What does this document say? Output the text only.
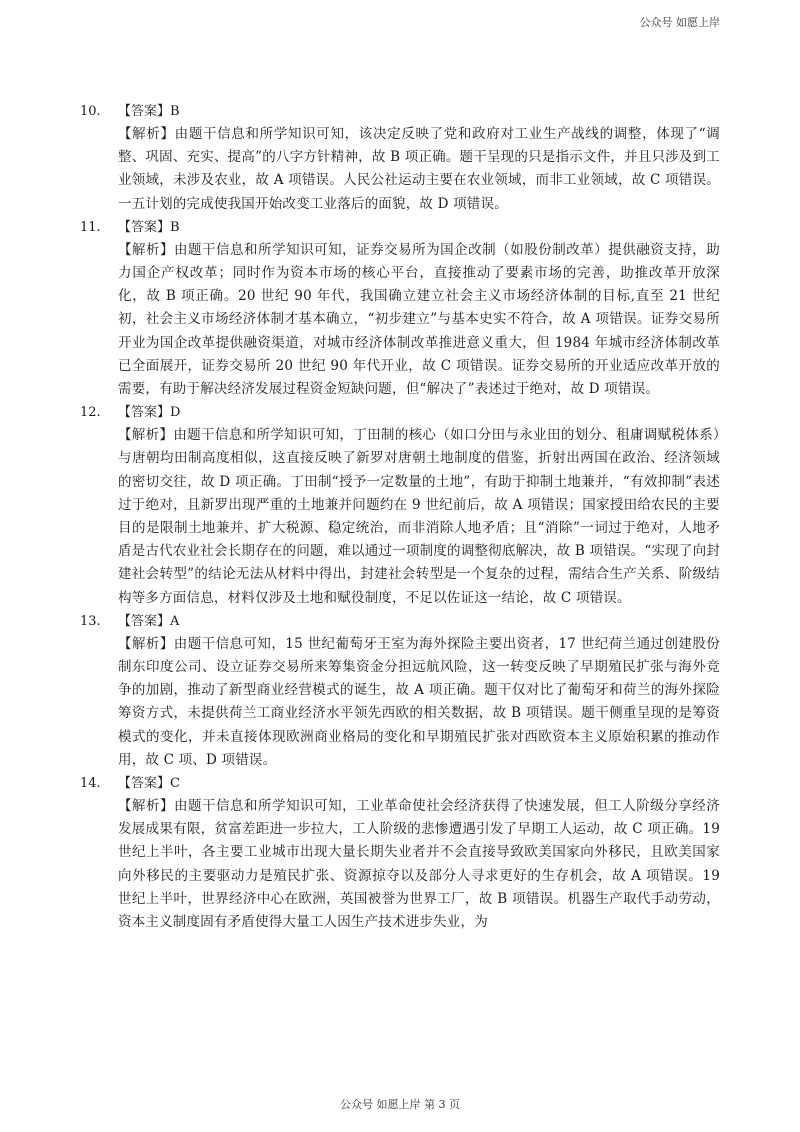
公众号 如愿上岸
10. 【答案】B
【解析】由题干信息和所学知识可知，该决定反映了党和政府对工业生产战线的调整，体现了“调整、巩固、充实、提高”的八字方针精神，故 B 项正确。题干呈现的只是指示文件，并且只涉及到工业领域，未涉及农业，故 A 项错误。人民公社运动主要在农业领域，而非工业领域，故 C 项错误。一五计划的完成使我国开始改变工业落后的面貌，故 D 项错误。
11. 【答案】B
【解析】由题干信息和所学知识可知，证券交易所为国企改制（如股份制改革）提供融资支持，助力国企产权改革；同时作为资本市场的核心平台，直接推动了要素市场的完善，助推改革开放深化，故 B 项正确。20 世纪 90 年代，我国确立建立社会主义市场经济体制的目标,直至 21 世纪初，社会主义市场经济体制才基本确立，“初步建立”与基本史实不符合，故 A 项错误。证券交易所开业为国企改革提供融资渠道，对城市经济体制改革推进意义重大，但 1984 年城市经济体制改革已全面展开，证券交易所 20 世纪 90 年代开业，故 C 项错误。证券交易所的开业适应改革开放的需要，有助于解决经济发展过程资金短缺问题，但“解决了”表述过于绝对，故 D 项错误。
12. 【答案】D
【解析】由题干信息和所学知识可知，丁田制的核心（如口分田与永业田的划分、租庸调赋税体系）与唐朝均田制高度相似，这直接反映了新罗对唐朝土地制度的借鉴，折射出两国在政治、经济领域的密切交往，故 D 项正确。丁田制“授予一定数量的土地”，有助于抑制土地兼并，“有效抑制”表述过于绝对，且新罗出现严重的土地兼并问题约在 9 世纪前后，故 A 项错误；国家授田给农民的主要目的是限制土地兼并、扩大税源、稳定统治，而非消除人地矛盾；且“消除”一词过于绝对，人地矛盾是古代农业社会长期存在的问题，难以通过一项制度的调整彻底解决，故 B 项错误。“实现了向封建社会转型”的结论无法从材料中得出，封建社会转型是一个复杂的过程，需结合生产关系、阶级结构等多方面信息，材料仅涉及土地和赋役制度，不足以佐证这一结论，故 C 项错误。
13. 【答案】A
【解析】由题干信息可知，15 世纪葡萄牙王室为海外探险主要出资者，17 世纪荷兰通过创建股份制东印度公司、设立证券交易所来筹集资金分担远航风险，这一转变反映了早期殖民扩张与海外竞争的加剧，推动了新型商业经营模式的诞生，故 A 项正确。题干仅对比了葡萄牙和荷兰的海外探险筹资方式，未提供荷兰工商业经济水平领先西欧的相关数据，故 B 项错误。题干侧重呈现的是筹资模式的变化，并未直接体现欧洲商业格局的变化和早期殖民扩张对西欧资本主义原始积累的推动作用，故 C 项、D 项错误。
14. 【答案】C
【解析】由题干信息和所学知识可知，工业革命使社会经济获得了快速发展，但工人阶级分享经济发展成果有限，贫富差距进一步拉大，工人阶级的悲惨遭遇引发了早期工人运动，故 C 项正确。19 世纪上半叶，各主要工业城市出现大量长期失业者并不会直接导致欧美国家向外移民，且欧美国家向外移民的主要驱动力是殖民扩张、资源掠夺以及部分人寻求更好的生存机会，故 A 项错误。19 世纪上半叶，世界经济中心在欧洲，英国被誉为世界工厂，故 B 项错误。机器生产取代手动劳动，资本主义制度固有矛盾使得大量工人因生产技术进步失业，为
公众号 如愿上岸 第 3 页
